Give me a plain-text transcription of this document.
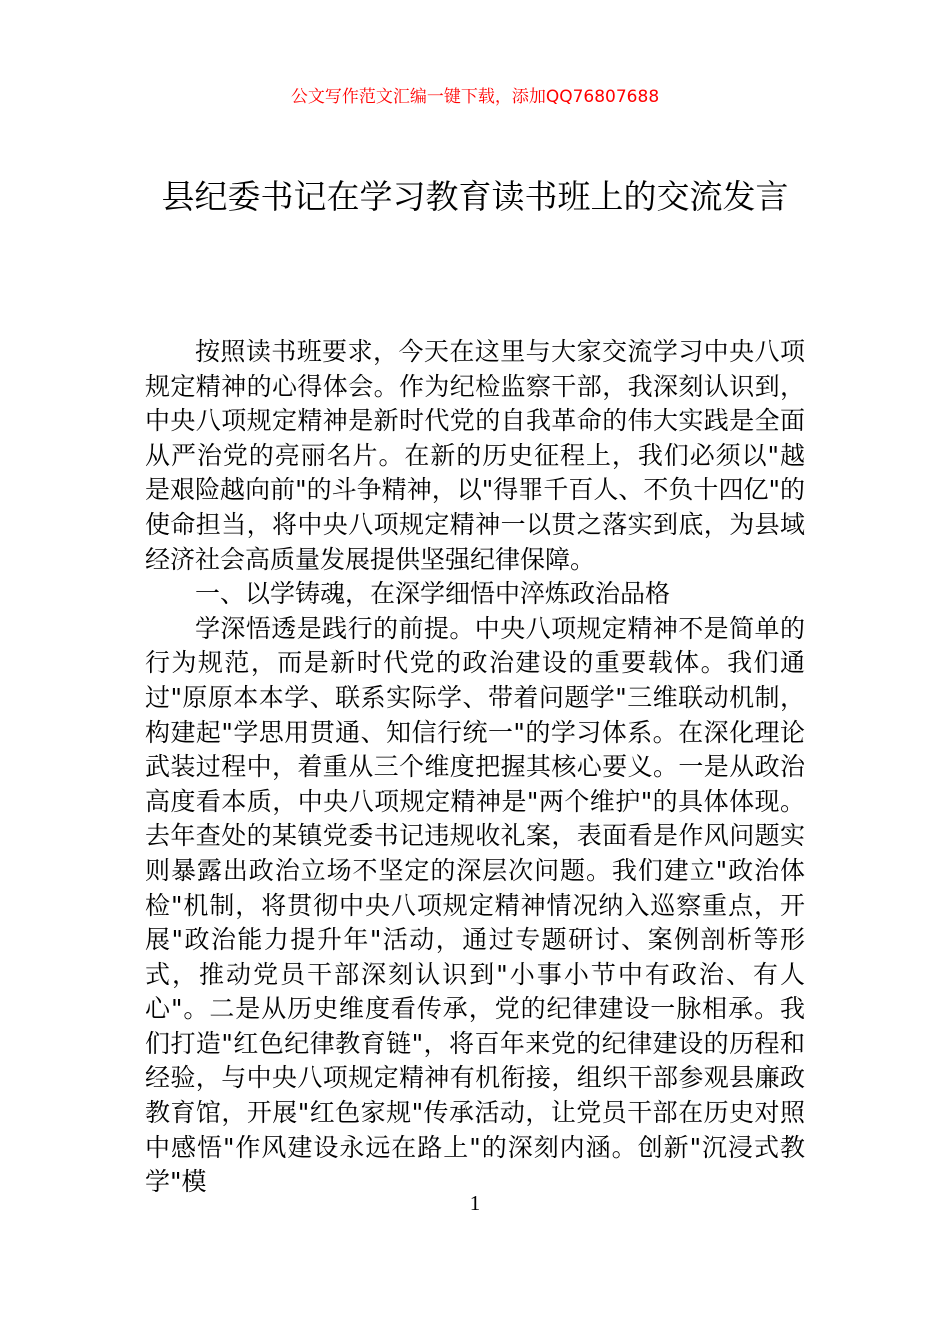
公文写作范文汇编一键下载，添加QQ76807688
县纪委书记在学习教育读书班上的交流发言

按照读书班要求，今天在这里与大家交流学习中央八项规定精神的心得体会。作为纪检监察干部，我深刻认识到，中央八项规定精神是新时代党的自我革命的伟大实践是全面从严治党的亮丽名片。在新的历史征程上，我们必须以"越是艰险越向前"的斗争精神，以"得罪千百人、不负十四亿"的使命担当，将中央八项规定精神一以贯之落实到底，为县域经济社会高质量发展提供坚强纪律保障。

一、以学铸魂，在深学细悟中淬炼政治品格

学深悟透是践行的前提。中央八项规定精神不是简单的行为规范，而是新时代党的政治建设的重要载体。我们通过"原原本本学、联系实际学、带着问题学"三维联动机制，构建起"学思用贯通、知信行统一"的学习体系。在深化理论武装过程中，着重从三个维度把握其核心要义。一是从政治高度看本质，中央八项规定精神是"两个维护"的具体体现。去年查处的某镇党委书记违规收礼案，表面看是作风问题实则暴露出政治立场不坚定的深层次问题。我们建立"政治体检"机制，将贯彻中央八项规定精神情况纳入巡察重点，开展"政治能力提升年"活动，通过专题研讨、案例剖析等形式，推动党员干部深刻认识到"小事小节中有政治、有人心"。二是从历史维度看传承，党的纪律建设一脉相承。我们打造"红色纪律教育链"，将百年来党的纪律建设的历程和经验，与中央八项规定精神有机衔接，组织干部参观县廉政教育馆，开展"红色家规"传承活动，让党员干部在历史对照中感悟"作风建设永远在路上"的深刻内涵。创新"沉浸式教学"模

1
